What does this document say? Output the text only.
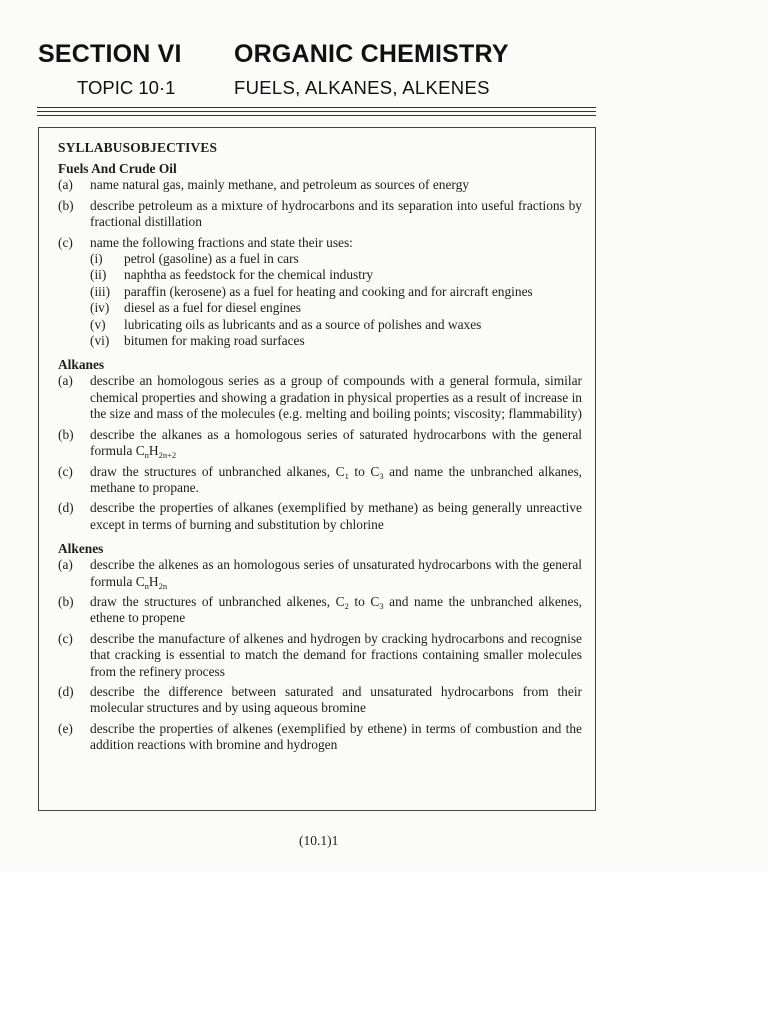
SECTION VI ORGANIC CHEMISTRY
TOPIC 10·1	FUELS, ALKANES, ALKENES
SYLLABUSOBJECTIVES
Fuels And Crude Oil
(a)	name natural gas, mainly methane, and petroleum as sources of energy
(b)	describe petroleum as a mixture of hydrocarbons and its separation into useful fractions by fractional distillation
(c)	name the following fractions and state their uses:
(i)	petrol (gasoline) as a fuel in cars
(ii)	naphtha as feedstock for the chemical industry
(iii)	paraffin (kerosene) as a fuel for heating and cooking and for aircraft engines
(iv)	diesel as a fuel for diesel engines
(v)	lubricating oils as lubricants and as a source of polishes and waxes
(vi)	bitumen for making road surfaces
Alkanes
(a)	describe an homologous series as a group of compounds with a general formula, similar chemical properties and showing a gradation in physical properties as a result of increase in the size and mass of the molecules (e.g. melting and boiling points; viscosity; flammability)
(b)	describe the alkanes as a homologous series of saturated hydrocarbons with the general formula $C_nH_{2n+2}$
(c)	draw the structures of unbranched alkanes, $C_1$ to $C_3$ and name the unbranched alkanes, methane to propane.
(d)	describe the properties of alkanes (exemplified by methane) as being generally unreactive except in terms of burning and substitution by chlorine
Alkenes
(a)	describe the alkenes as an homologous series of unsaturated hydrocarbons with the general formula $C_nH_{2n}$
(b)	draw the structures of unbranched alkenes, $C_2$ to $C_3$ and name the unbranched alkenes, ethene to propene
(c)	describe the manufacture of alkenes and hydrogen by cracking hydrocarbons and recognise that cracking is essential to match the demand for fractions containing smaller molecules from the refinery process
(d)	describe the difference between saturated and unsaturated hydrocarbons from their molecular structures and by using aqueous bromine
(e)	describe the properties of alkenes (exemplified by ethene) in terms of combustion and the addition reactions with bromine and hydrogen
(10.1)1
